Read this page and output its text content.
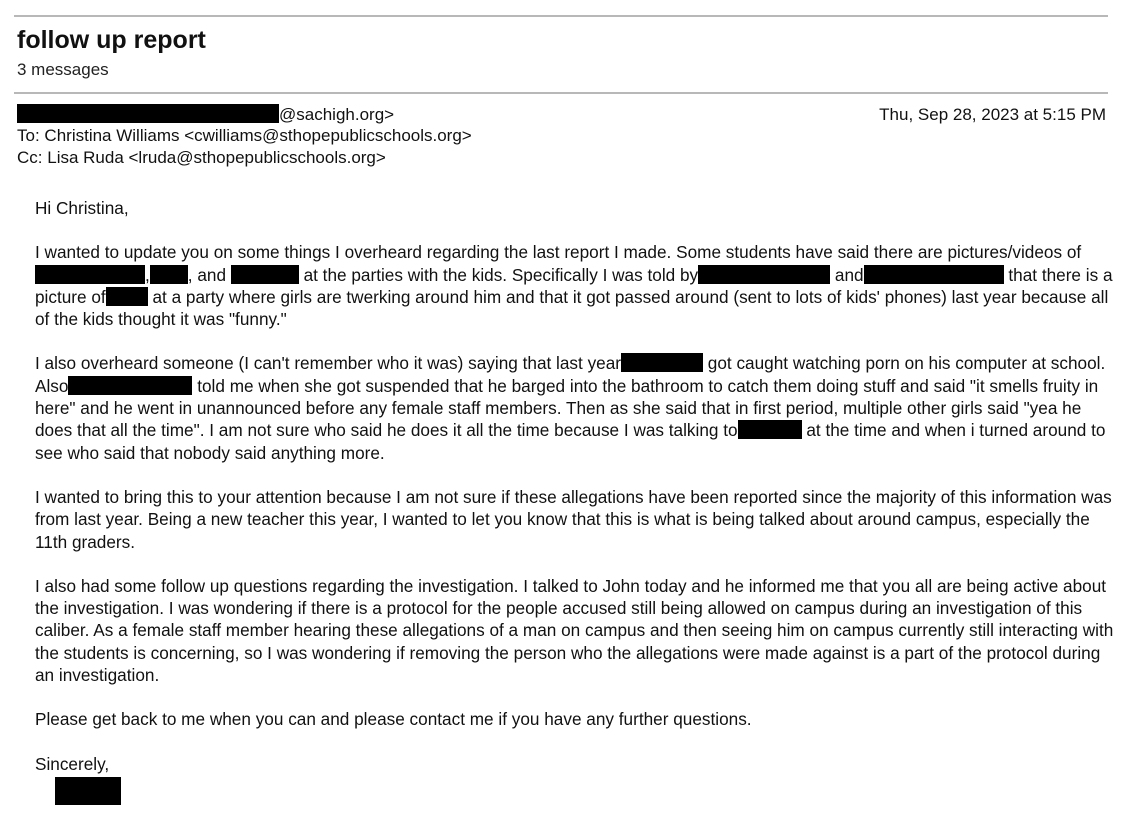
follow up report
3 messages
@sachigh.org>	Thu, Sep 28, 2023 at 5:15 PM
To: Christina Williams <cwilliams@sthopepublicschools.org>
Cc: Lisa Ruda <lruda@sthopepublicschools.org>

Hi Christina,

I wanted to update you on some things I overheard regarding the last report I made. Some students have said there are pictures/videos of, , and	at the parties with the kids. Specifically I was told by	and	that there is a picture of	at a party where girls are twerking around him and that it got passed around (sent to lots of kids' phones) last year because all of the kids thought it was "funny."

I also overheard someone (I can't remember who it was) saying that last year	got caught watching porn on his computer at school. Also	told me when she got suspended that he barged into the bathroom to catch them doing stuff and said "it smells fruity in here" and he went in unannounced before any female staff members. Then as she said that in first period, multiple other girls said "yea he does that all the time". I am not sure who said he does it all the time because I was talking to	at the time and when i turned around to see who said that nobody said anything more.

I wanted to bring this to your attention because I am not sure if these allegations have been reported since the majority of this information was from last year. Being a new teacher this year, I wanted to let you know that this is what is being talked about around campus, especially the 11th graders.

I also had some follow up questions regarding the investigation. I talked to John today and he informed me that you all are being active about the investigation. I was wondering if there is a protocol for the people accused still being allowed on campus during an investigation of this caliber. As a female staff member hearing these allegations of a man on campus and then seeing him on campus currently still interacting with the students is concerning, so I was wondering if removing the person who the allegations were made against is a part of the protocol during an investigation.

Please get back to me when you can and please contact me if you have any further questions.

Sincerely,
